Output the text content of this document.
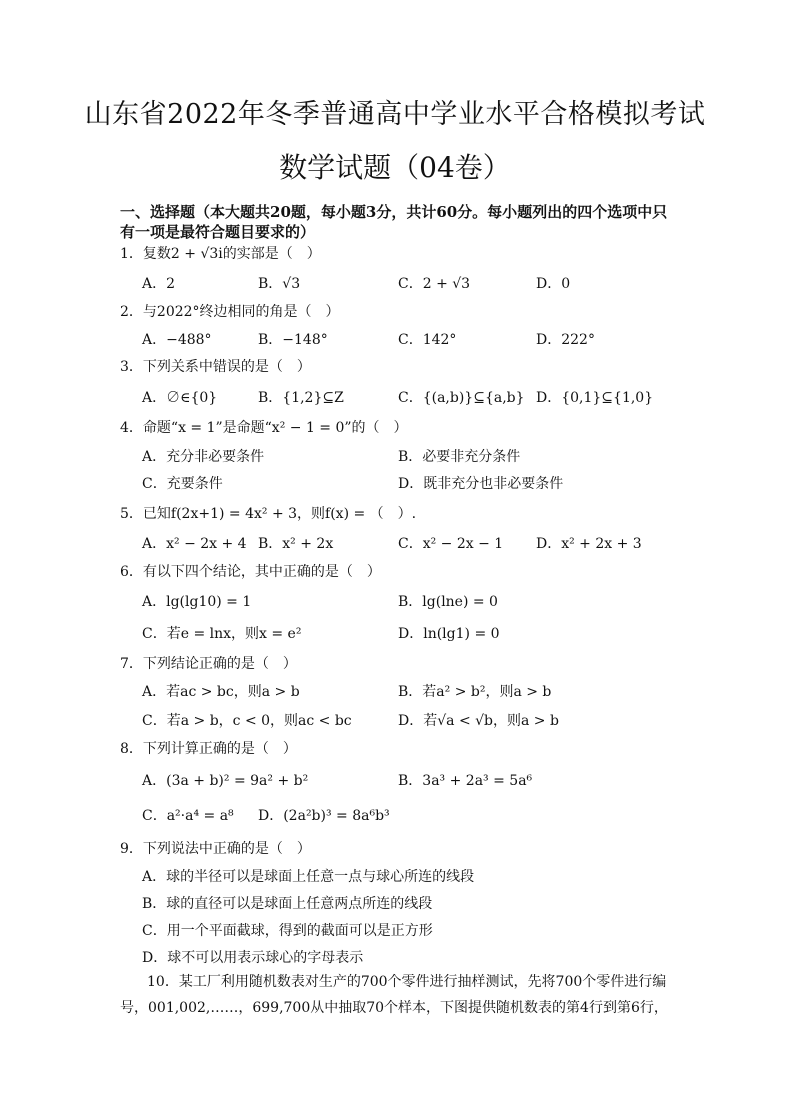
山东省2022年冬季普通高中学业水平合格模拟考试
数学试题（04卷）
一、选择题（本大题共20题，每小题3分，共计60分。每小题列出的四个选项中只有一项是最符合题目要求的）
1．复数2 + √3i的实部是（　）
A．2	B．√3	C．2 + √3	D．0
2．与2022°终边相同的角是（　）
A．−488°	B．−148°	C．142°	D．222°
3．下列关系中错误的是（　）
A．∅∈{0}	B．{1,2}⊆Z	C．{(a,b)}⊆{a,b} D．{0,1}⊆{1,0}
4．命题“x = 1”是命题“x² − 1 = 0”的（　）
A．充分非必要条件	B．必要非充分条件
C．充要条件	D．既非充分也非必要条件
5．已知f(2x+1) = 4x² + 3，则f(x) = （　）.
A．x² − 2x + 4 B．x² + 2x	C．x² − 2x − 1 D．x² + 2x + 3
6．有以下四个结论，其中正确的是（　）
A．lg(lg10) = 1	B．lg(lne) = 0
C．若e = lnx，则x = e²	D．ln(lg1) = 0
7．下列结论正确的是（　）
A．若ac > bc，则a > b	B．若a² > b²，则a > b
C．若a > b，c < 0，则ac < bc	D．若√a < √b，则a > b
8．下列计算正确的是（　）
A．(3a + b)² = 9a² + b²	B．3a³ + 2a³ = 5a⁶
C．a²·a⁴ = a⁸ D．(2a²b)³ = 8a⁶b³
9．下列说法中正确的是（　）
A．球的半径可以是球面上任意一点与球心所连的线段
B．球的直径可以是球面上任意两点所连的线段
C．用一个平面截球，得到的截面可以是正方形
D．球不可以用表示球心的字母表示
10．某工厂利用随机数表对生产的700个零件进行抽样测试，先将700个零件进行编号，001,002,……，699,700从中抽取70个样本，下图提供随机数表的第4行到第6行，
